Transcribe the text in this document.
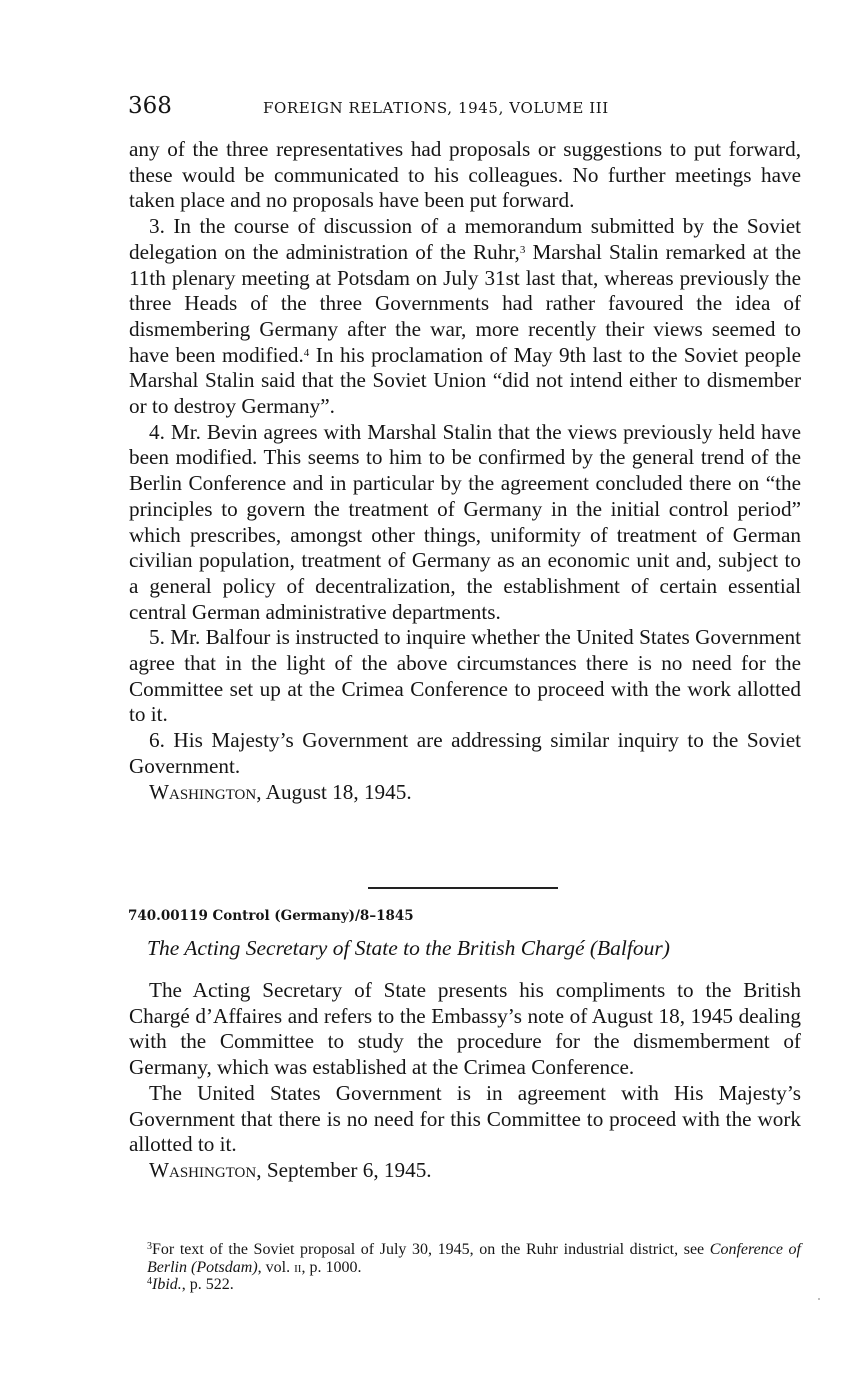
368	FOREIGN RELATIONS, 1945, VOLUME III

any of the three representatives had proposals or suggestions to put forward, these would be communicated to his colleagues. No further meetings have taken place and no proposals have been put forward.

3. In the course of discussion of a memorandum submitted by the Soviet delegation on the administration of the Ruhr,$^3$ Marshal Stalin remarked at the 11th plenary meeting at Potsdam on July 31st last that, whereas previously the three Heads of the three Governments had rather favoured the idea of dismembering Germany after the war, more recently their views seemed to have been modified.$^4$ In his proclamation of May 9th last to the Soviet people Marshal Stalin said that the Soviet Union “did not intend either to dismember or to destroy Germany”.

4. Mr. Bevin agrees with Marshal Stalin that the views previously held have been modified. This seems to him to be confirmed by the general trend of the Berlin Conference and in particular by the agreement concluded there on “the principles to govern the treatment of Germany in the initial control period” which prescribes, amongst other things, uniformity of treatment of German civilian population, treatment of Germany as an economic unit and, subject to a general policy of decentralization, the establishment of certain essential central German administrative departments.

5. Mr. Balfour is instructed to inquire whether the United States Government agree that in the light of the above circumstances there is no need for the Committee set up at the Crimea Conference to proceed with the work allotted to it.

6. His Majesty’s Government are addressing similar inquiry to the Soviet Government.

Washington, August 18, 1945.

740.00119 Control (Germany)/8–1845
The Acting Secretary of State to the British Chargé (Balfour)

The Acting Secretary of State presents his compliments to the British Chargé d’Affaires and refers to the Embassy’s note of August 18, 1945 dealing with the Committee to study the procedure for the dismemberment of Germany, which was established at the Crimea Conference.

The United States Government is in agreement with His Majesty’s Government that there is no need for this Committee to proceed with the work allotted to it.

Washington, September 6, 1945.

$^3$For text of the Soviet proposal of July 30, 1945, on the Ruhr industrial district, see Conference of Berlin (Potsdam), vol. ii, p. 1000.

$^4$Ibid., p. 522.
